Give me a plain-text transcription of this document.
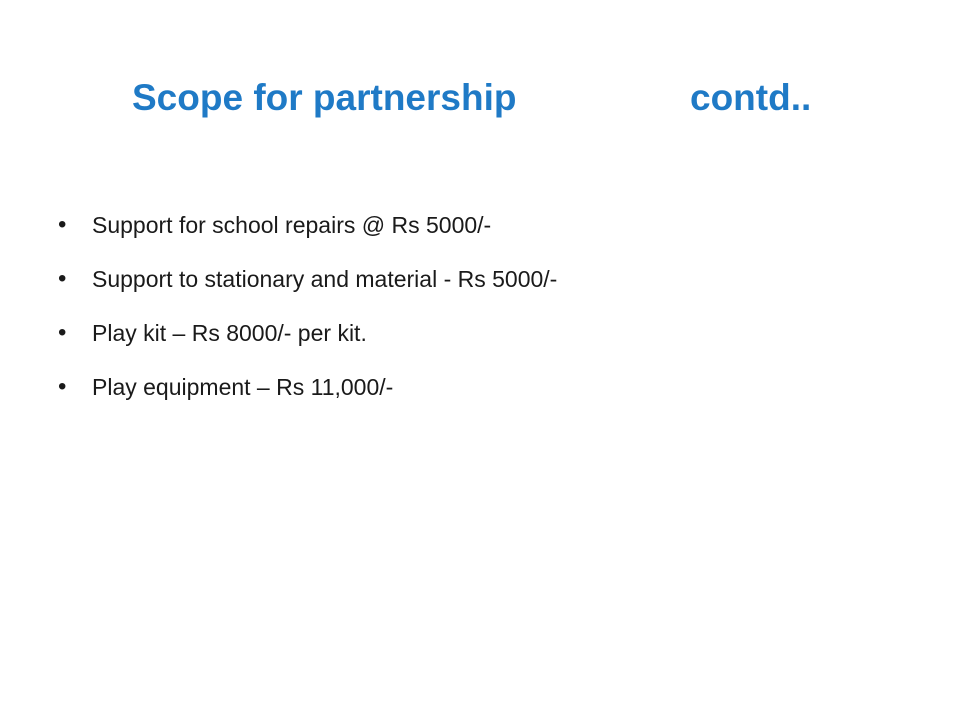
Scope for partnership	contd..
•	Support for school repairs @ Rs 5000/-
•	Support to stationary and material - Rs 5000/-
•	Play kit – Rs 8000/- per kit.
•	Play equipment – Rs 11,000/-
